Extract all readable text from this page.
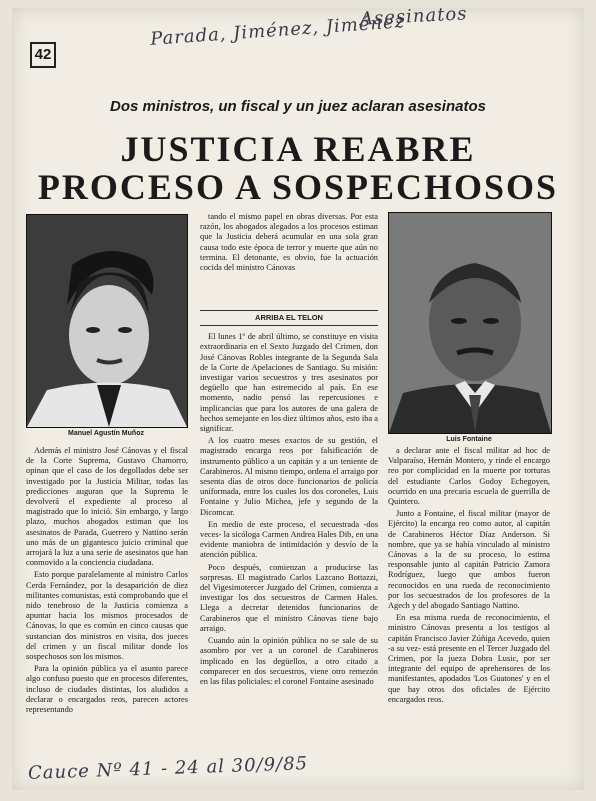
42
Parada, Jiménez, Jiménez
Asesinatos
Dos ministros, un fiscal y un juez aclaran asesinatos
JUSTICIA REABRE
PROCESO A SOSPECHOSOS
Manuel Agustín Muñoz
Luis Fontaine

tando el mismo papel en obras diversas. Por esta razón, los abogados alegados a los procesos estiman que la Justicia deberá acumular en una sola gran causa todo este época de terror y muerte que aún no termina. El detonante, es obvio, fue la actuación cocida del ministro Cánovas

ARRIBA EL TELON

El lunes 1º de abril último, se constituye en visita extraordinaria en el Sexto Juzgado del Crimen, don José Cánovas Robles integrante de la Segunda Sala de la Corte de Apelaciones de Santiago. Su misión: investigar varios secuestros y tres asesinatos por degüello que han estremecido al país. En ese momento, nadio pensó las repercusiones e implicancias que para los autores de una galera de hechos semejante en los diez últimos años, esto iba a significar.

A los cuatro meses exactos de su gestión, el magistrado encarga reos por falsificación de instrumento público a un capitán y a un teniente de Carabineros. Al mismo tiempo, ordena el arraigo por sesenta días de otros doce funcionarios de policía uniformada, entre los cuales los dos coroneles, Luis Fontaine y Julio Michea, jefe y segundo de la Dicomcar.

En medio de este proceso, el secuestrada -dos veces- la sicóloga Carmen Andrea Hales Dib, en una evidente maniobra de intimidación y desvío de la atención pública.

Poco después, comienzan a producirse las sorpresas. El magistrado Carlos Lazcano Bottazzi, del Vigesimotercer Juzgado del Crimen, comienza a investigar los dos secuestros de Carmen Hales. Llega a decretar detenidos funcionarios de Carabineros que el ministro Cánovas tiene bajo arraigo.

Cuando aún la opinión pública no se sale de su asombro por ver a un coronel de Carabineros implicado en los degüellos, a otro citado a comparecer en dos secuestros, viene otro remezón en las filas policiales: el coronel Fontaine asesinado

Además el ministro José Cánovas y el fiscal de la Corte Suprema, Gustavo Chamorro, opinan que el caso de los degollados debe ser investigado por la Justicia Militar, todas las predicciones auguran que la Suprema le devolverá el expediente al proceso al magistrado que lo inició. Sin embargo, y largo plazo, muchos abogados estiman que los asesinatos de Parada, Guerrero y Nattino serán uno más de un gigantesco juicio criminal que arrojará la luz a una serie de asesinatos que han conmovido a la conciencia ciudadana.

Esto porque paralelamente al ministro Carlos Cerda Fernández, por la desaparición de diez militantes comunistas, está comprobando que el nido tenebroso de la Justicia comienza a apuntar hacia los mismos procesados de Cánovas, lo que es común en cinco causas que sustancian dos ministros en visita, dos jueces del crimen y un fiscal militar donde los sospechosos son los mismos.

Para la opinión pública ya el asunto parece algo confuso puesto que en procesos diferentes, incluso de ciudades distintas, los aludidos a declarar o encargados reos, parecen actores representando

a declarar ante el fiscal militar ad hoc de Valparaíso, Hernán Montero, y rinde el encargo reo por complicidad en la muerte por torturas del estudiante Carlos Godoy Echegoyen, ocurrido en una precaria escuela de guerrilla de Quintero.

Junto a Fontaine, el fiscal militar (mayor de Ejército) la encarga reo como autor, al capitán de Carabineros Héctor Díaz Anderson. Si nombre, que ya se había vinculado al ministro Cánovas a la de su proceso, lo estima responsable junto al capitán Patricio Zamora Rodríguez, luego que ambos fueron reconocidos en una rueda de reconocimiento por los secuestrados de los profesores de la Agech y del abogado Santiago Nattino.

En esa misma rueda de reconocimiento, el ministro Cánovas presenta a los testigos al capitán Francisco Javier Zúñiga Acevedo, quien -a su vez- está presente en el Tercer Juzgado del Crimen, por la jueza Dobra Lusic, por ser integrante del equipo de aprehensores de los manifestantes, apodados 'Los Guatones' y en el que hay otros dos oficiales de Ejército encargados reos.

Cauce Nº 41 - 24 al 30/9/85
